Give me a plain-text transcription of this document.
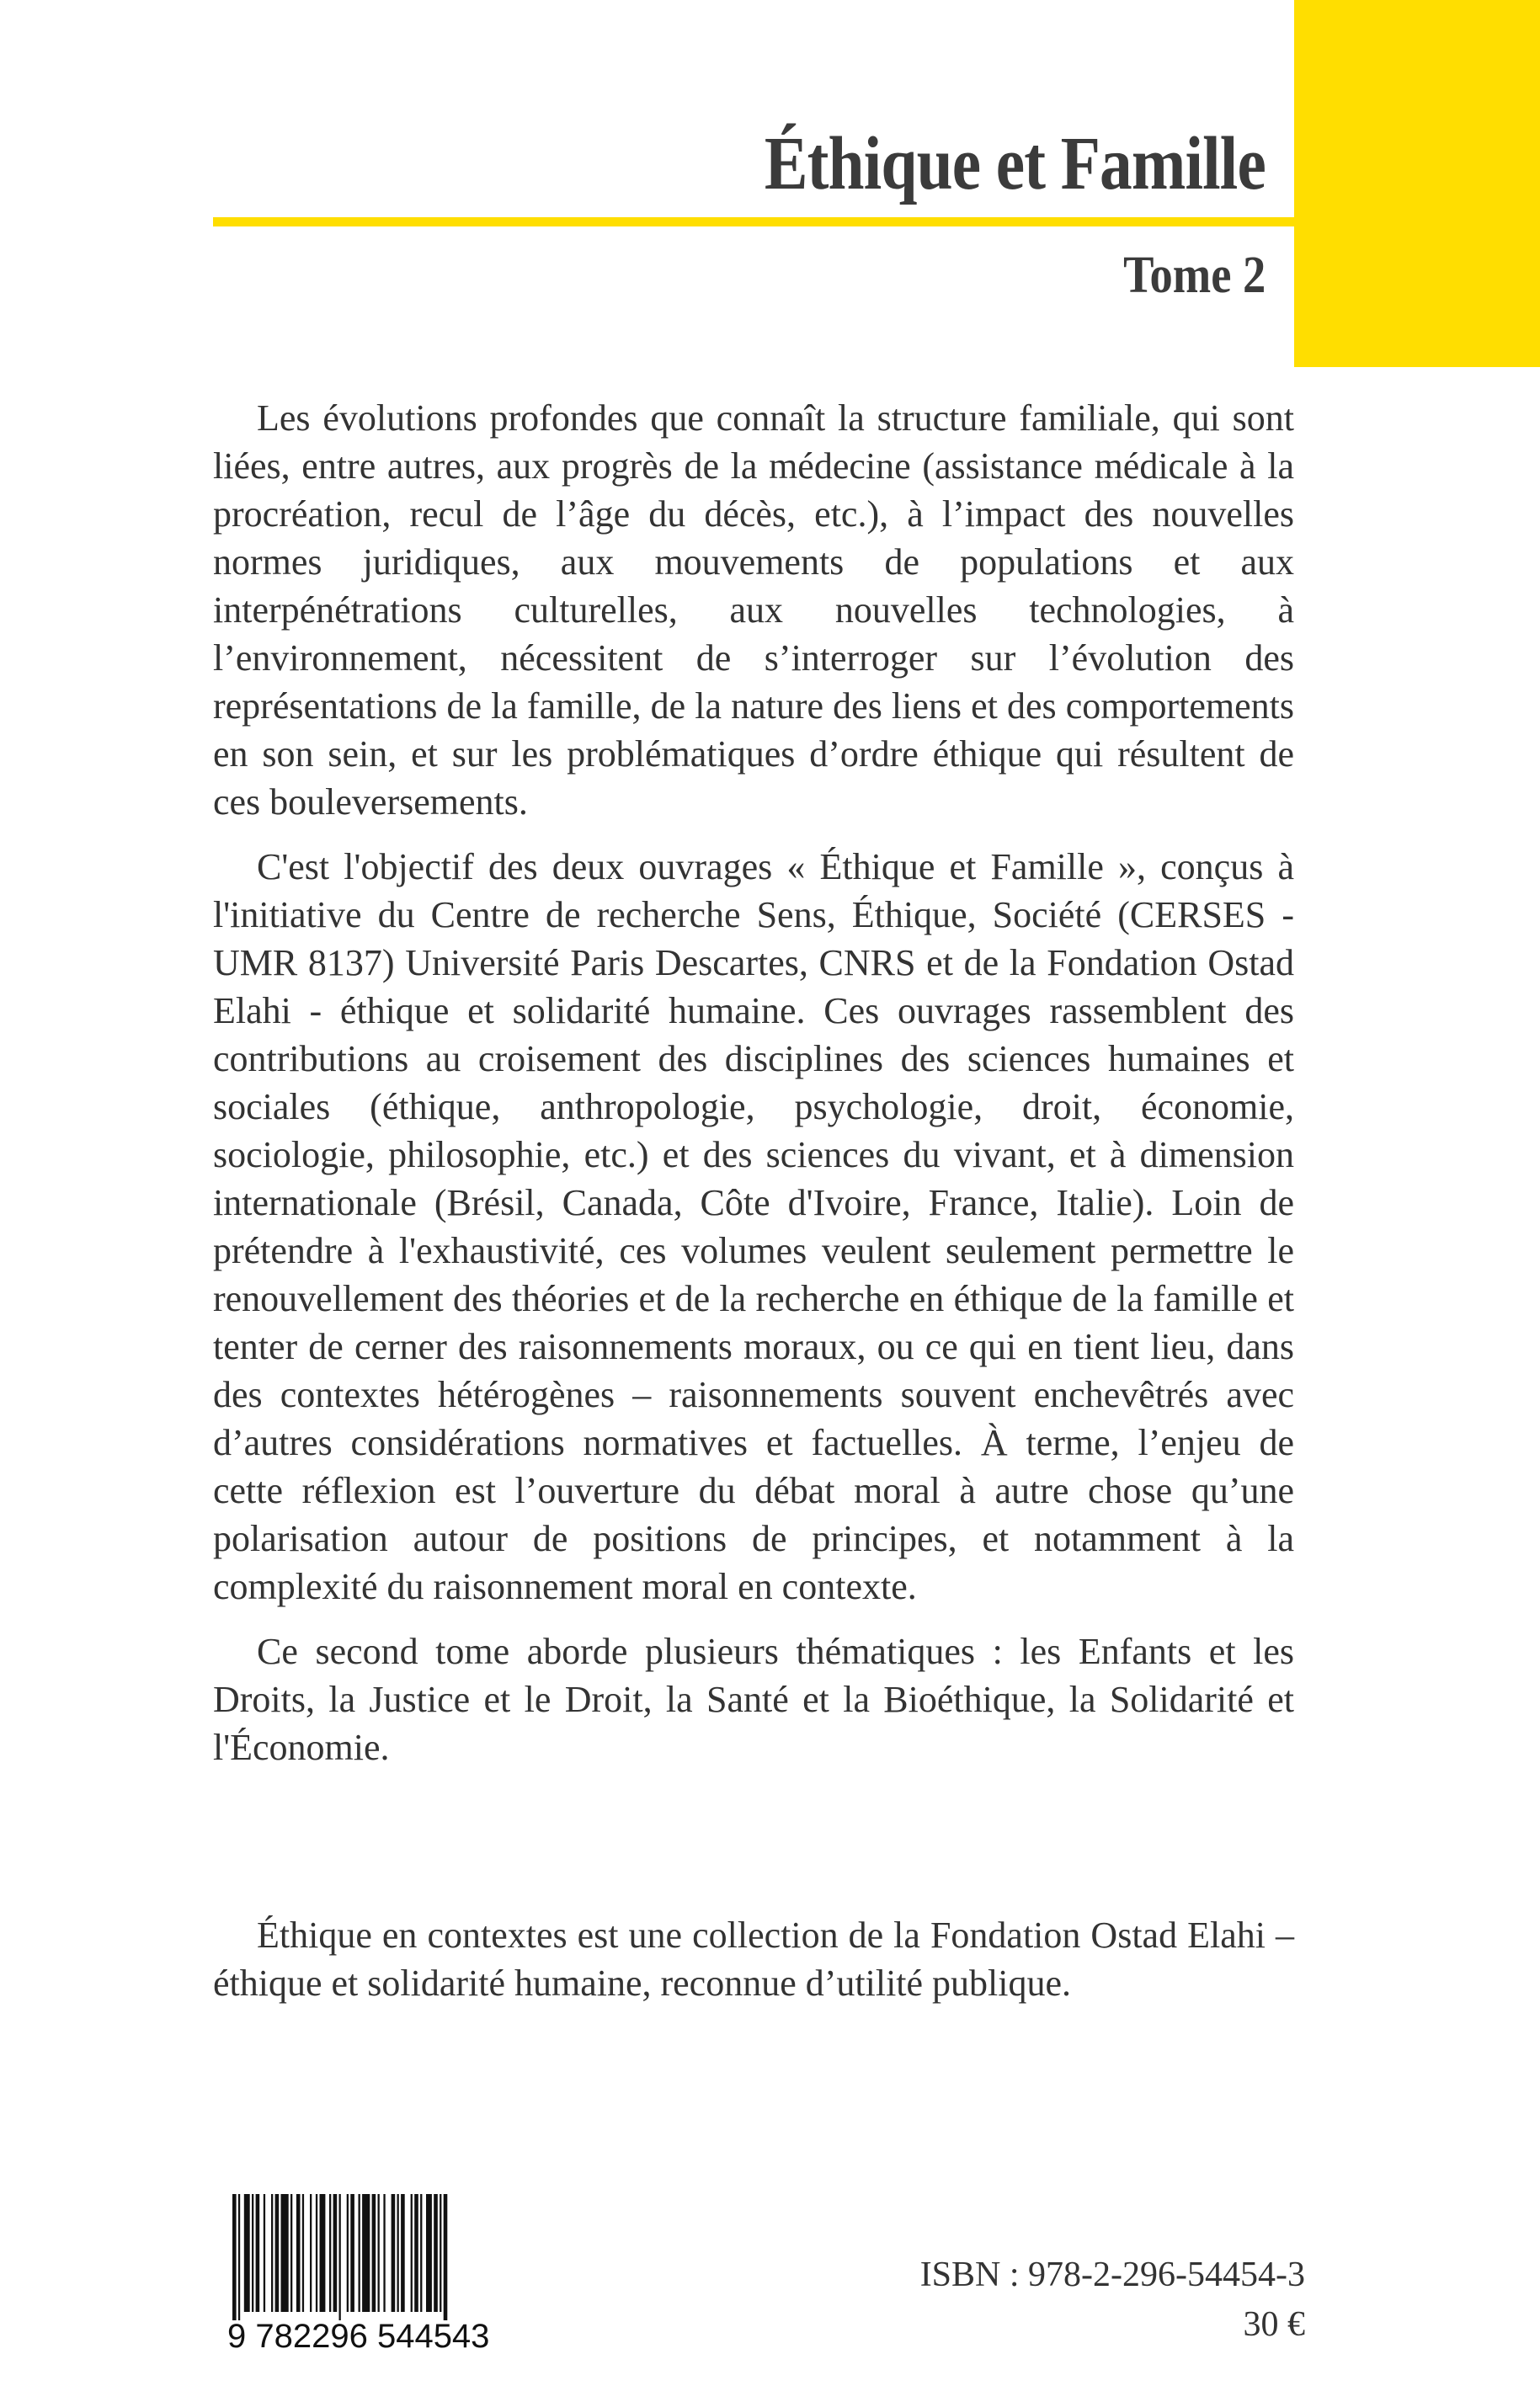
Éthique et Famille
Tome 2

Les évolutions profondes que connaît la structure familiale, qui sont liées, entre autres, aux progrès de la médecine (assistance médicale à la procréation, recul de l’âge du décès, etc.), à l’impact des nouvelles normes juridiques, aux mouvements de populations et aux interpénétrations culturelles, aux nouvelles technologies, à l’environnement, nécessitent de s’interroger sur l’évolution des représentations de la famille, de la nature des liens et des comportements en son sein, et sur les problématiques d’ordre éthique qui résultent de ces bouleversements.

C'est l'objectif des deux ouvrages « Éthique et Famille », conçus à l'initiative du Centre de recherche Sens, Éthique, Société (CERSES - UMR 8137) Université Paris Descartes, CNRS et de la Fondation Ostad Elahi - éthique et solidarité humaine. Ces ouvrages rassemblent des contributions au croisement des disciplines des sciences humaines et sociales (éthique, anthropologie, psychologie, droit, économie, sociologie, philosophie, etc.) et des sciences du vivant, et à dimension internationale (Brésil, Canada, Côte d'Ivoire, France, Italie). Loin de prétendre à l'exhaustivité, ces volumes veulent seulement permettre le renouvellement des théories et de la recherche en éthique de la famille et tenter de cerner des raisonnements moraux, ou ce qui en tient lieu, dans des contextes hétérogènes – raisonnements souvent enchevêtrés avec d’autres considérations normatives et factuelles. À terme, l’enjeu de cette réflexion est l’ouverture du débat moral à autre chose qu’une polarisation autour de positions de principes, et notamment à la complexité du raisonnement moral en contexte.

Ce second tome aborde plusieurs thématiques : les Enfants et les Droits, la Justice et le Droit, la Santé et la Bioéthique, la Solidarité et l'Économie.

Éthique en contextes est une collection de la Fondation Ostad Elahi – éthique et solidarité humaine, reconnue d’utilité publique.

9 782296 544543

ISBN : 978-2-296-54454-3

30 €
